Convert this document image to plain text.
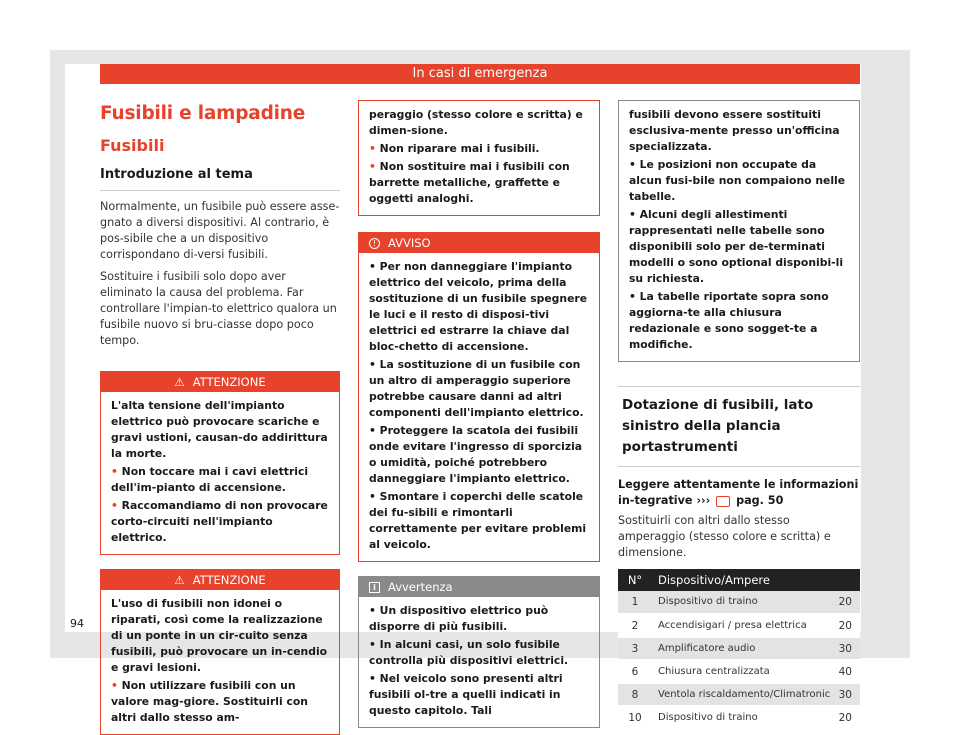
In casi di emergenza
Fusibili e lampadine
Fusibili
Introduzione al tema

Normalmente, un fusibile può essere asse-gnato a diversi dispositivi. Al contrario, è pos-sibile che a un dispositivo corrispondano di-versi fusibili.

Sostituire i fusibili solo dopo aver eliminato la causa del problema. Far controllare l'impian-to elettrico qualora un fusibile nuovo si bru-ciasse dopo poco tempo.

⚠ ATTENZIONE

L'alta tensione dell'impianto elettrico può provocare scariche e gravi ustioni, causan-do addirittura la morte.

• Non toccare mai i cavi elettrici dell'im-pianto di accensione.

• Raccomandiamo di non provocare corto-circuiti nell'impianto elettrico.

⚠ ATTENZIONE

L'uso di fusibili non idonei o riparati, così come la realizzazione di un ponte in un cir-cuito senza fusibili, può provocare un in-cendio e gravi lesioni.

• Non utilizzare fusibili con un valore mag-giore. Sostituirli con altri dallo stesso am-

peraggio (stesso colore e scritta) e dimen-sione.

• Non riparare mai i fusibili.

• Non sostituire mai i fusibili con barrette metalliche, graffette e oggetti analoghi.

!	AVVISO

• Per non danneggiare l'impianto elettrico del veicolo, prima della sostituzione di un fusibile spegnere le luci e il resto di disposi-tivi elettrici ed estrarre la chiave dal bloc-chetto di accensione.

• La sostituzione di un fusibile con un altro di amperaggio superiore potrebbe causare danni ad altri componenti dell'impianto elettrico.

• Proteggere la scatola dei fusibili onde evitare l'ingresso di sporcizia o umidità, poiché potrebbero danneggiare l'impianto elettrico.

• Smontare i coperchi delle scatole dei fu-sibili e rimontarli correttamente per evitare problemi al veicolo.

i	Avvertenza

• Un dispositivo elettrico può disporre di più fusibili.

• In alcuni casi, un solo fusibile controlla più dispositivi elettrici.

• Nel veicolo sono presenti altri fusibili ol-tre a quelli indicati in questo capitolo. Tali

fusibili devono essere sostituiti esclusiva-mente presso un'officina specializzata.

• Le posizioni non occupate da alcun fusi-bile non compaiono nelle tabelle.

• Alcuni degli allestimenti rappresentati nelle tabelle sono disponibili solo per de-terminati modelli o sono optional disponibi-li su richiesta.

• La tabelle riportate sopra sono aggiorna-te alla chiusura redazionale e sono sogget-te a modifiche.

Dotazione di fusibili, lato sinistro della plancia portastrumenti

Leggere attentamente le informazioni in-tegrative ››› pag. 50

Sostituirli con altri dallo stesso amperaggio (stesso colore e scritta) e dimensione.

N°	Dispositivo/Ampere	
1	Dispositivo di traino	20
2	Accendisigari / presa elettrica	20
3	Amplificatore audio	30
6	Chiusura centralizzata	40
8	Ventola riscaldamento/Climatronic	30
10	Dispositivo di traino	20
94
